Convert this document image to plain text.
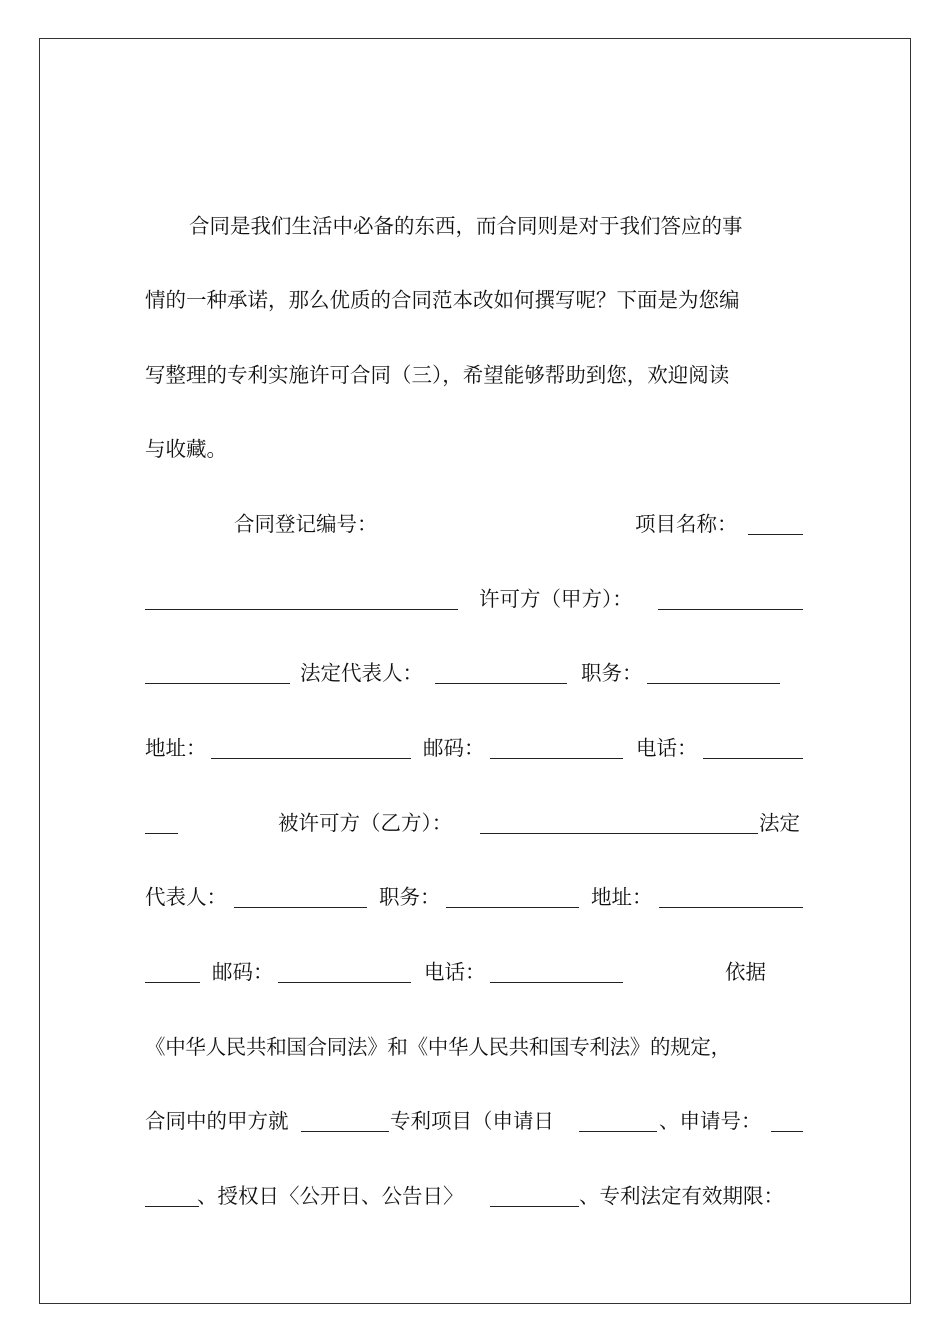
合同是我们生活中必备的东西，而合同则是对于我们答应的事
情的一种承诺，那么优质的合同范本改如何撰写呢？下面是为您编
写整理的专利实施许可合同（三），希望能够帮助到您，欢迎阅读
与收藏。
合同登记编号：	项目名称：
许可方（甲方）：
法定代表人：	职务：
地址：	邮码：	电话：
被许可方（乙方）：	法定
代表人：	职务：	地址：
邮码：	电话：	依据
《中华人民共和国合同法》和《中华人民共和国专利法》的规定，
合同中的甲方就	专利项目（申请日	、申请号：
、授权日〈公开日、公告日〉	、专利法定有效期限：
